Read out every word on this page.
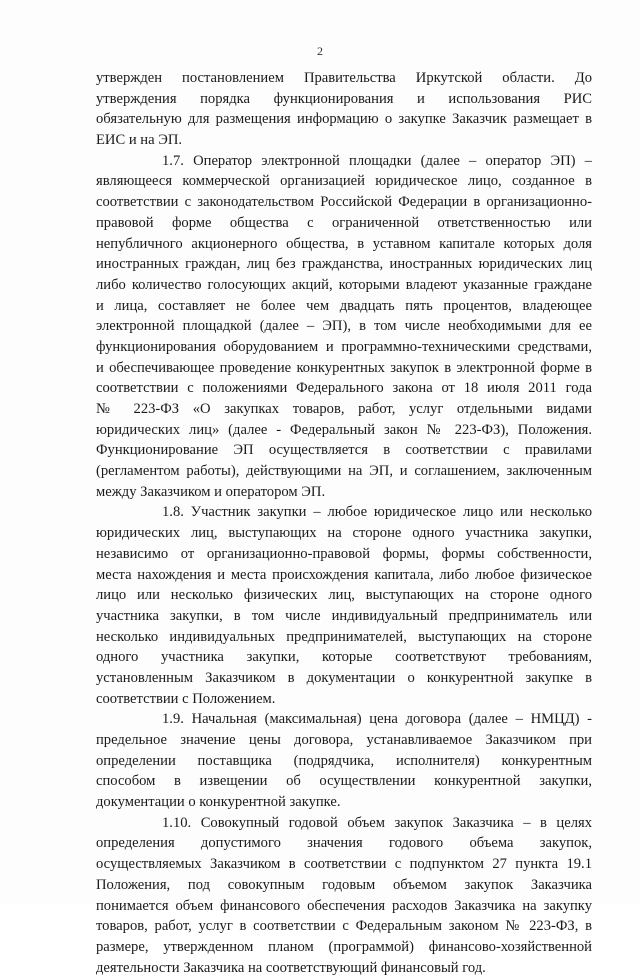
2
утвержден постановлением Правительства Иркутской области. До
утверждения порядка функционирования и использования РИС
обязательную для размещения информацию о закупке Заказчик размещает в
ЕИС и на ЭП.
1.7. Оператор электронной площадки (далее – оператор ЭП) –
являющееся коммерческой организацией юридическое лицо, созданное в
соответствии с законодательством Российской Федерации в организационно-
правовой форме общества с ограниченной ответственностью или
непубличного акционерного общества, в уставном капитале которых доля
иностранных граждан, лиц без гражданства, иностранных юридических лиц
либо количество голосующих акций, которыми владеют указанные граждане
и лица, составляет не более чем двадцать пять процентов, владеющее
электронной площадкой (далее – ЭП), в том числе необходимыми для ее
функционирования оборудованием и программно-техническими средствами,
и обеспечивающее проведение конкурентных закупок в электронной форме в
соответствии с положениями Федерального закона от 18 июля 2011 года
№ 223-ФЗ «О закупках товаров, работ, услуг отдельными видами
юридических лиц» (далее - Федеральный закон № 223-ФЗ), Положения.
Функционирование ЭП осуществляется в соответствии с правилами
(регламентом работы), действующими на ЭП, и соглашением, заключенным
между Заказчиком и оператором ЭП.
1.8. Участник закупки – любое юридическое лицо или несколько
юридических лиц, выступающих на стороне одного участника закупки,
независимо от организационно-правовой формы, формы собственности,
места нахождения и места происхождения капитала, либо любое физическое
лицо или несколько физических лиц, выступающих на стороне одного
участника закупки, в том числе индивидуальный предприниматель или
несколько индивидуальных предпринимателей, выступающих на стороне
одного участника закупки, которые соответствуют требованиям,
установленным Заказчиком в документации о конкурентной закупке в
соответствии с Положением.
1.9. Начальная (максимальная) цена договора (далее – НМЦД) -
предельное значение цены договора, устанавливаемое Заказчиком при
определении поставщика (подрядчика, исполнителя) конкурентным
способом в извещении об осуществлении конкурентной закупки,
документации о конкурентной закупке.
1.10. Совокупный годовой объем закупок Заказчика – в целях
определения допустимого значения годового объема закупок,
осуществляемых Заказчиком в соответствии с подпунктом 27 пункта 19.1
Положения, под совокупным годовым объемом закупок Заказчика
понимается объем финансового обеспечения расходов Заказчика на закупку
товаров, работ, услуг в соответствии с Федеральным законом № 223-ФЗ, в
размере, утвержденном планом (программой) финансово-хозяйственной
деятельности Заказчика на соответствующий финансовый год.
